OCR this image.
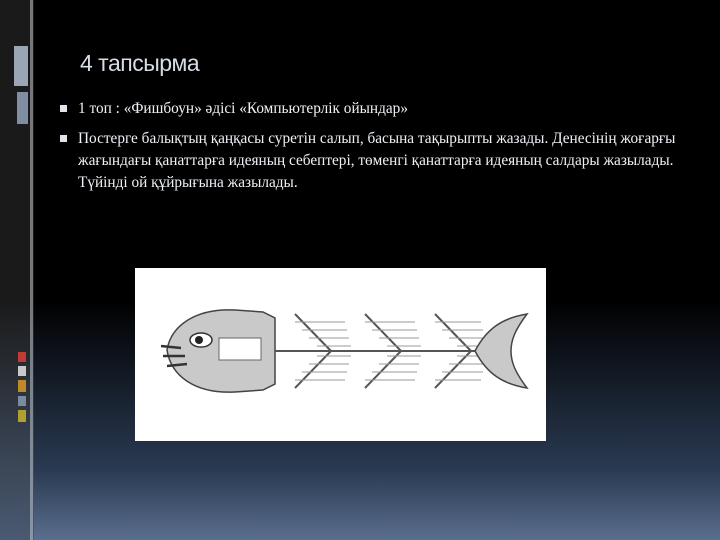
4 тапсырма
1 топ : «Фишбоун» әдісі «Компьютерлік ойындар»
Постерге балықтың қаңқасы суретін салып, басына тақырыпты жазады. Денесінің жоғарғы жағындағы қанаттарға идеяның себептері, төменгі қанаттарға идеяның салдары жазылады. Түйінді ой құйрығына жазылады.
